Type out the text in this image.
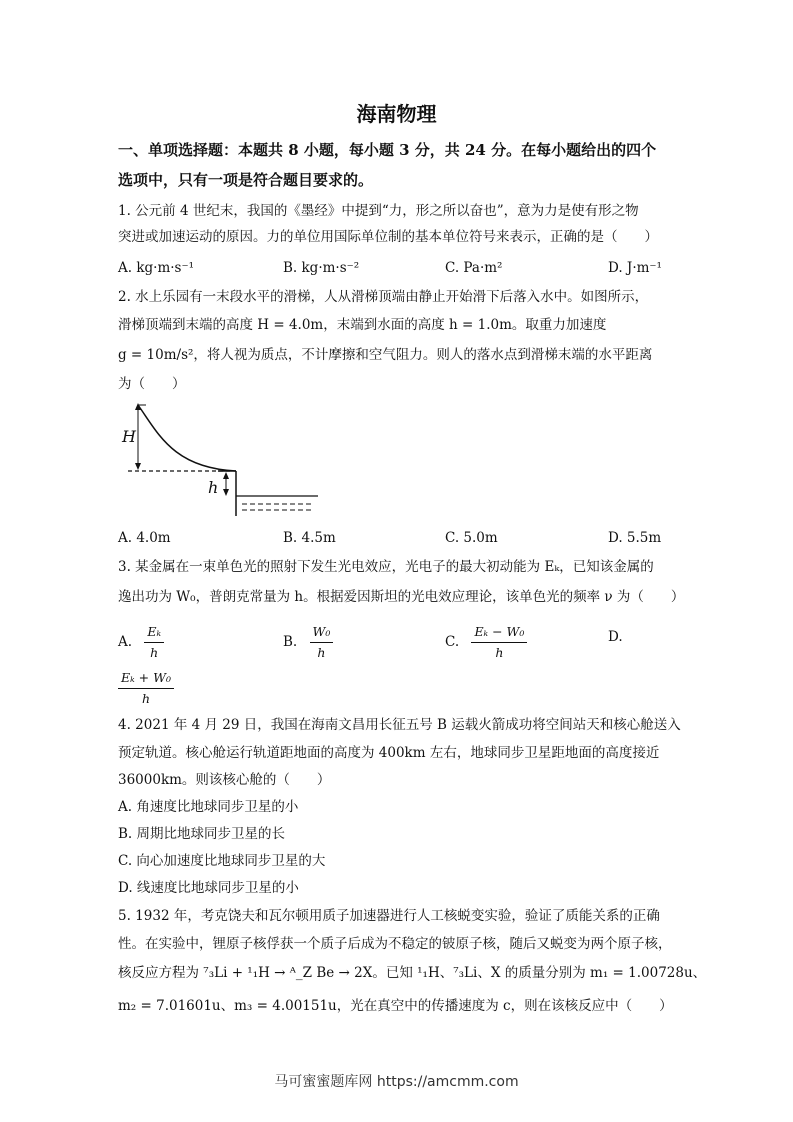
海南物理
一、单项选择题：本题共 8 小题，每小题 3 分，共 24 分。在每小题给出的四个
选项中，只有一项是符合题目要求的。
1. 公元前 4 世纪末，我国的《墨经》中提到“力，形之所以奋也”，意为力是使有形之物
突进或加速运动的原因。力的单位用国际单位制的基本单位符号来表示，正确的是（　　）
A. kg·m·s⁻¹	B. kg·m·s⁻²	C. Pa·m²	D. J·m⁻¹
2. 水上乐园有一末段水平的滑梯，人从滑梯顶端由静止开始滑下后落入水中。如图所示，
滑梯顶端到末端的高度 H = 4.0m，末端到水面的高度 h = 1.0m。取重力加速度
g = 10m/s²，将人视为质点，不计摩擦和空气阻力。则人的落水点到滑梯末端的水平距离
为（　　）
H
h
A. 4.0m	B. 4.5m	C. 5.0m	D. 5.5m
3. 某金属在一束单色光的照射下发生光电效应，光电子的最大初动能为 Eₖ，已知该金属的
逸出功为 W₀，普朗克常量为 h。根据爱因斯坦的光电效应理论，该单色光的频率 ν 为（　　）
A. $\frac{\text{Eₖ}}{h}$	B. $\frac{\text{W₀}}{h}$	C. $\frac{\text{Eₖ − W₀}}{h}$	D.
$\frac{\text{Eₖ + W₀}}{h}$
4. 2021 年 4 月 29 日，我国在海南文昌用长征五号 B 运载火箭成功将空间站天和核心舱送入
预定轨道。核心舱运行轨道距地面的高度为 400km 左右，地球同步卫星距地面的高度接近
36000km。则该核心舱的（　　）
A. 角速度比地球同步卫星的小
B. 周期比地球同步卫星的长
C. 向心加速度比地球同步卫星的大
D. 线速度比地球同步卫星的小
5. 1932 年，考克饶夫和瓦尔顿用质子加速器进行人工核蜕变实验，验证了质能关系的正确
性。在实验中，锂原子核俘获一个质子后成为不稳定的铍原子核，随后又蜕变为两个原子核，
核反应方程为 ⁷₃Li + ¹₁H → ᴬ_Z Be → 2X。已知 ¹₁H、⁷₃Li、X 的质量分别为 m₁ = 1.00728u、
m₂ = 7.01601u、m₃ = 4.00151u，光在真空中的传播速度为 c，则在该核反应中（　　）
马可蜜蜜题库网 https://amcmm.com
